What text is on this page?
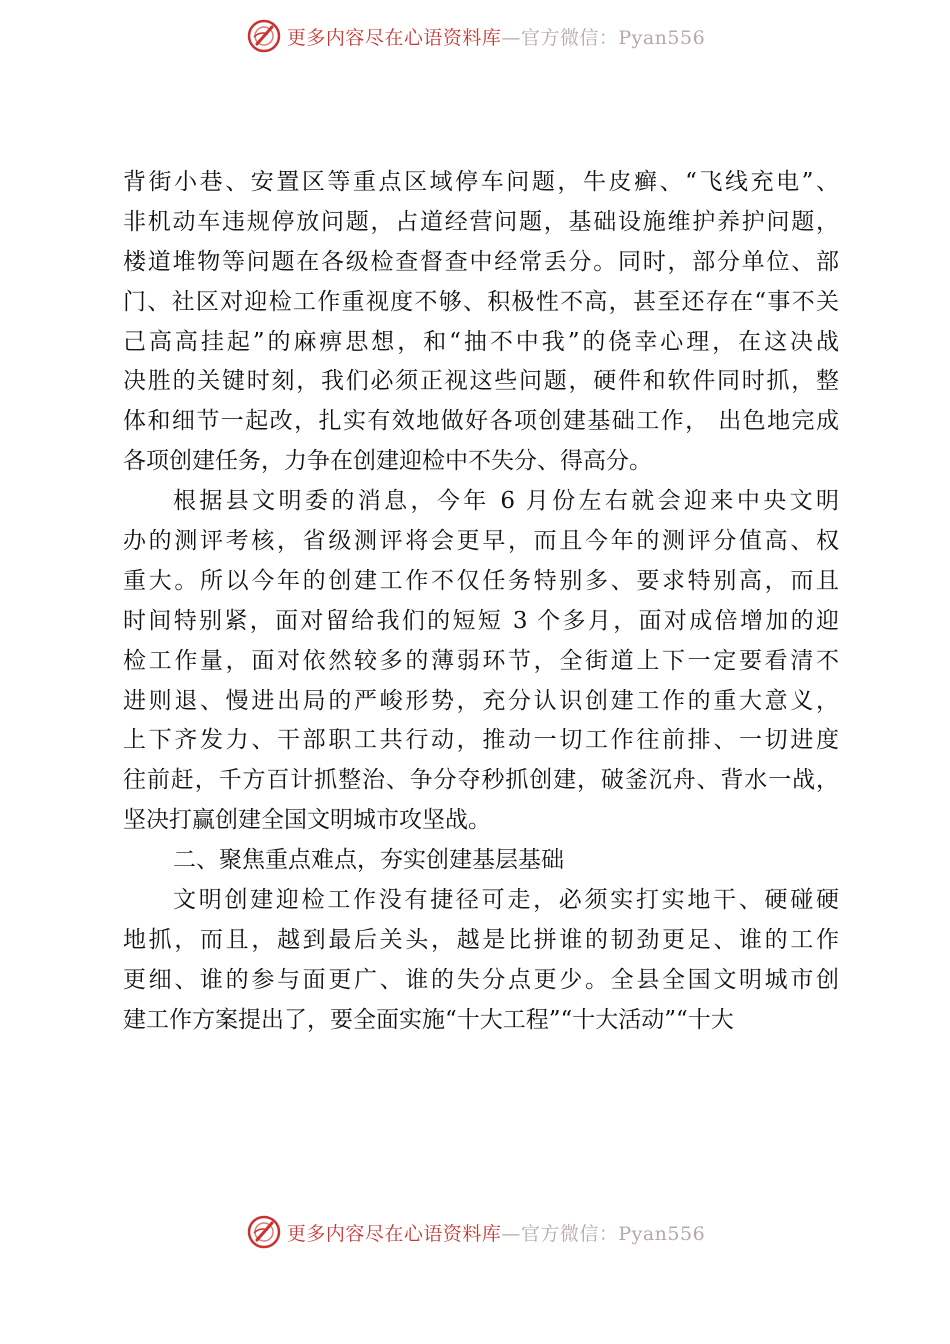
更多内容尽在心语资料库—官方微信：Pyan556
背街小巷、安置区等重点区域停车问题，牛皮癣、“飞线充电”、
非机动车违规停放问题，占道经营问题，基础设施维护养护问题，
楼道堆物等问题在各级检查督查中经常丢分。同时，部分单位、部
门、社区对迎检工作重视度不够、积极性不高，甚至还存在“事不关
己高高挂起”的麻痹思想，和“抽不中我”的侥幸心理，在这决战
决胜的关键时刻，我们必须正视这些问题，硬件和软件同时抓，整
体和细节一起改，扎实有效地做好各项创建基础工作， 出色地完成
各项创建任务，力争在创建迎检中不失分、得高分。
根据县文明委的消息，今年 6 月份左右就会迎来中央文明
办的测评考核，省级测评将会更早，而且今年的测评分值高、权
重大。所以今年的创建工作不仅任务特别多、要求特别高，而且
时间特别紧，面对留给我们的短短 3 个多月，面对成倍增加的迎
检工作量，面对依然较多的薄弱环节，全街道上下一定要看清不
进则退、慢进出局的严峻形势，充分认识创建工作的重大意义，
上下齐发力、干部职工共行动，推动一切工作往前排、一切进度
往前赶，千方百计抓整治、争分夺秒抓创建，破釜沉舟、背水一战，
坚决打赢创建全国文明城市攻坚战。
二、聚焦重点难点，夯实创建基层基础
文明创建迎检工作没有捷径可走，必须实打实地干、硬碰硬
地抓，而且，越到最后关头，越是比拼谁的韧劲更足、谁的工作
更细、谁的参与面更广、谁的失分点更少。全县全国文明城市创
建工作方案提出了，要全面实施“十大工程”“十大活动”“十大
更多内容尽在心语资料库—官方微信：Pyan556
